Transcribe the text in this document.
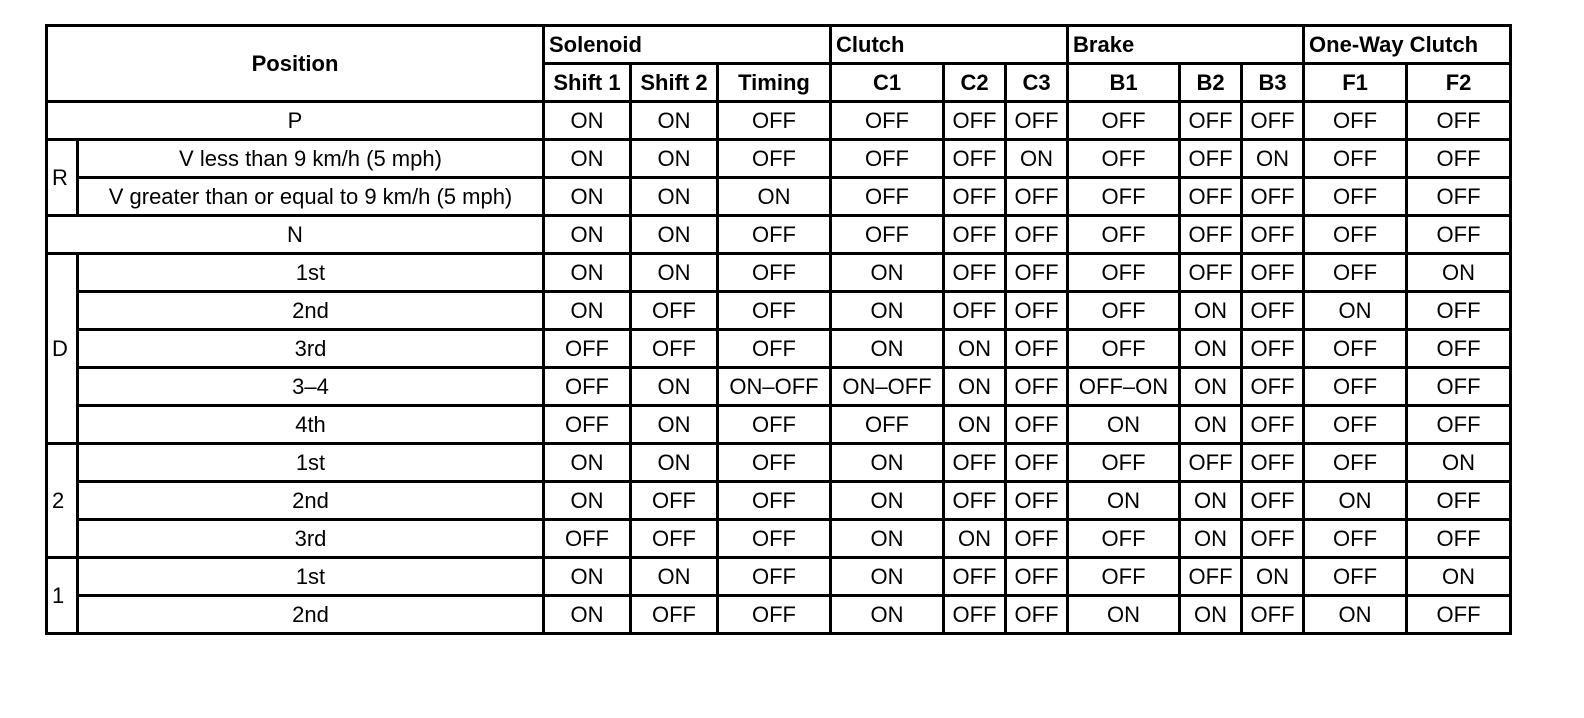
Position		Solenoid			Clutch			Brake			One-Way Clutch	
		Shift 1	Shift 2	Timing	C1	C2	C3	B1	B2	B3	F1	F2
P		ON	ON	OFF	OFF	OFF	OFF	OFF	OFF	OFF	OFF	OFF
R	V less than 9 km/h (5 mph)	ON	ON	OFF	OFF	OFF	ON	OFF	OFF	ON	OFF	OFF
	V greater than or equal to 9 km/h (5 mph)	ON	ON	ON	OFF	OFF	OFF	OFF	OFF	OFF	OFF	OFF
N		ON	ON	OFF	OFF	OFF	OFF	OFF	OFF	OFF	OFF	OFF
D	1st	ON	ON	OFF	ON	OFF	OFF	OFF	OFF	OFF	OFF	ON
	2nd	ON	OFF	OFF	ON	OFF	OFF	OFF	ON	OFF	ON	OFF
	3rd	OFF	OFF	OFF	ON	ON	OFF	OFF	ON	OFF	OFF	OFF
	3–4	OFF	ON	ON–OFF	ON–OFF	ON	OFF	OFF–ON	ON	OFF	OFF	OFF
	4th	OFF	ON	OFF	OFF	ON	OFF	ON	ON	OFF	OFF	OFF
2	1st	ON	ON	OFF	ON	OFF	OFF	OFF	OFF	OFF	OFF	ON
	2nd	ON	OFF	OFF	ON	OFF	OFF	ON	ON	OFF	ON	OFF
	3rd	OFF	OFF	OFF	ON	ON	OFF	OFF	ON	OFF	OFF	OFF
1	1st	ON	ON	OFF	ON	OFF	OFF	OFF	OFF	ON	OFF	ON
	2nd	ON	OFF	OFF	ON	OFF	OFF	ON	ON	OFF	ON	OFF
